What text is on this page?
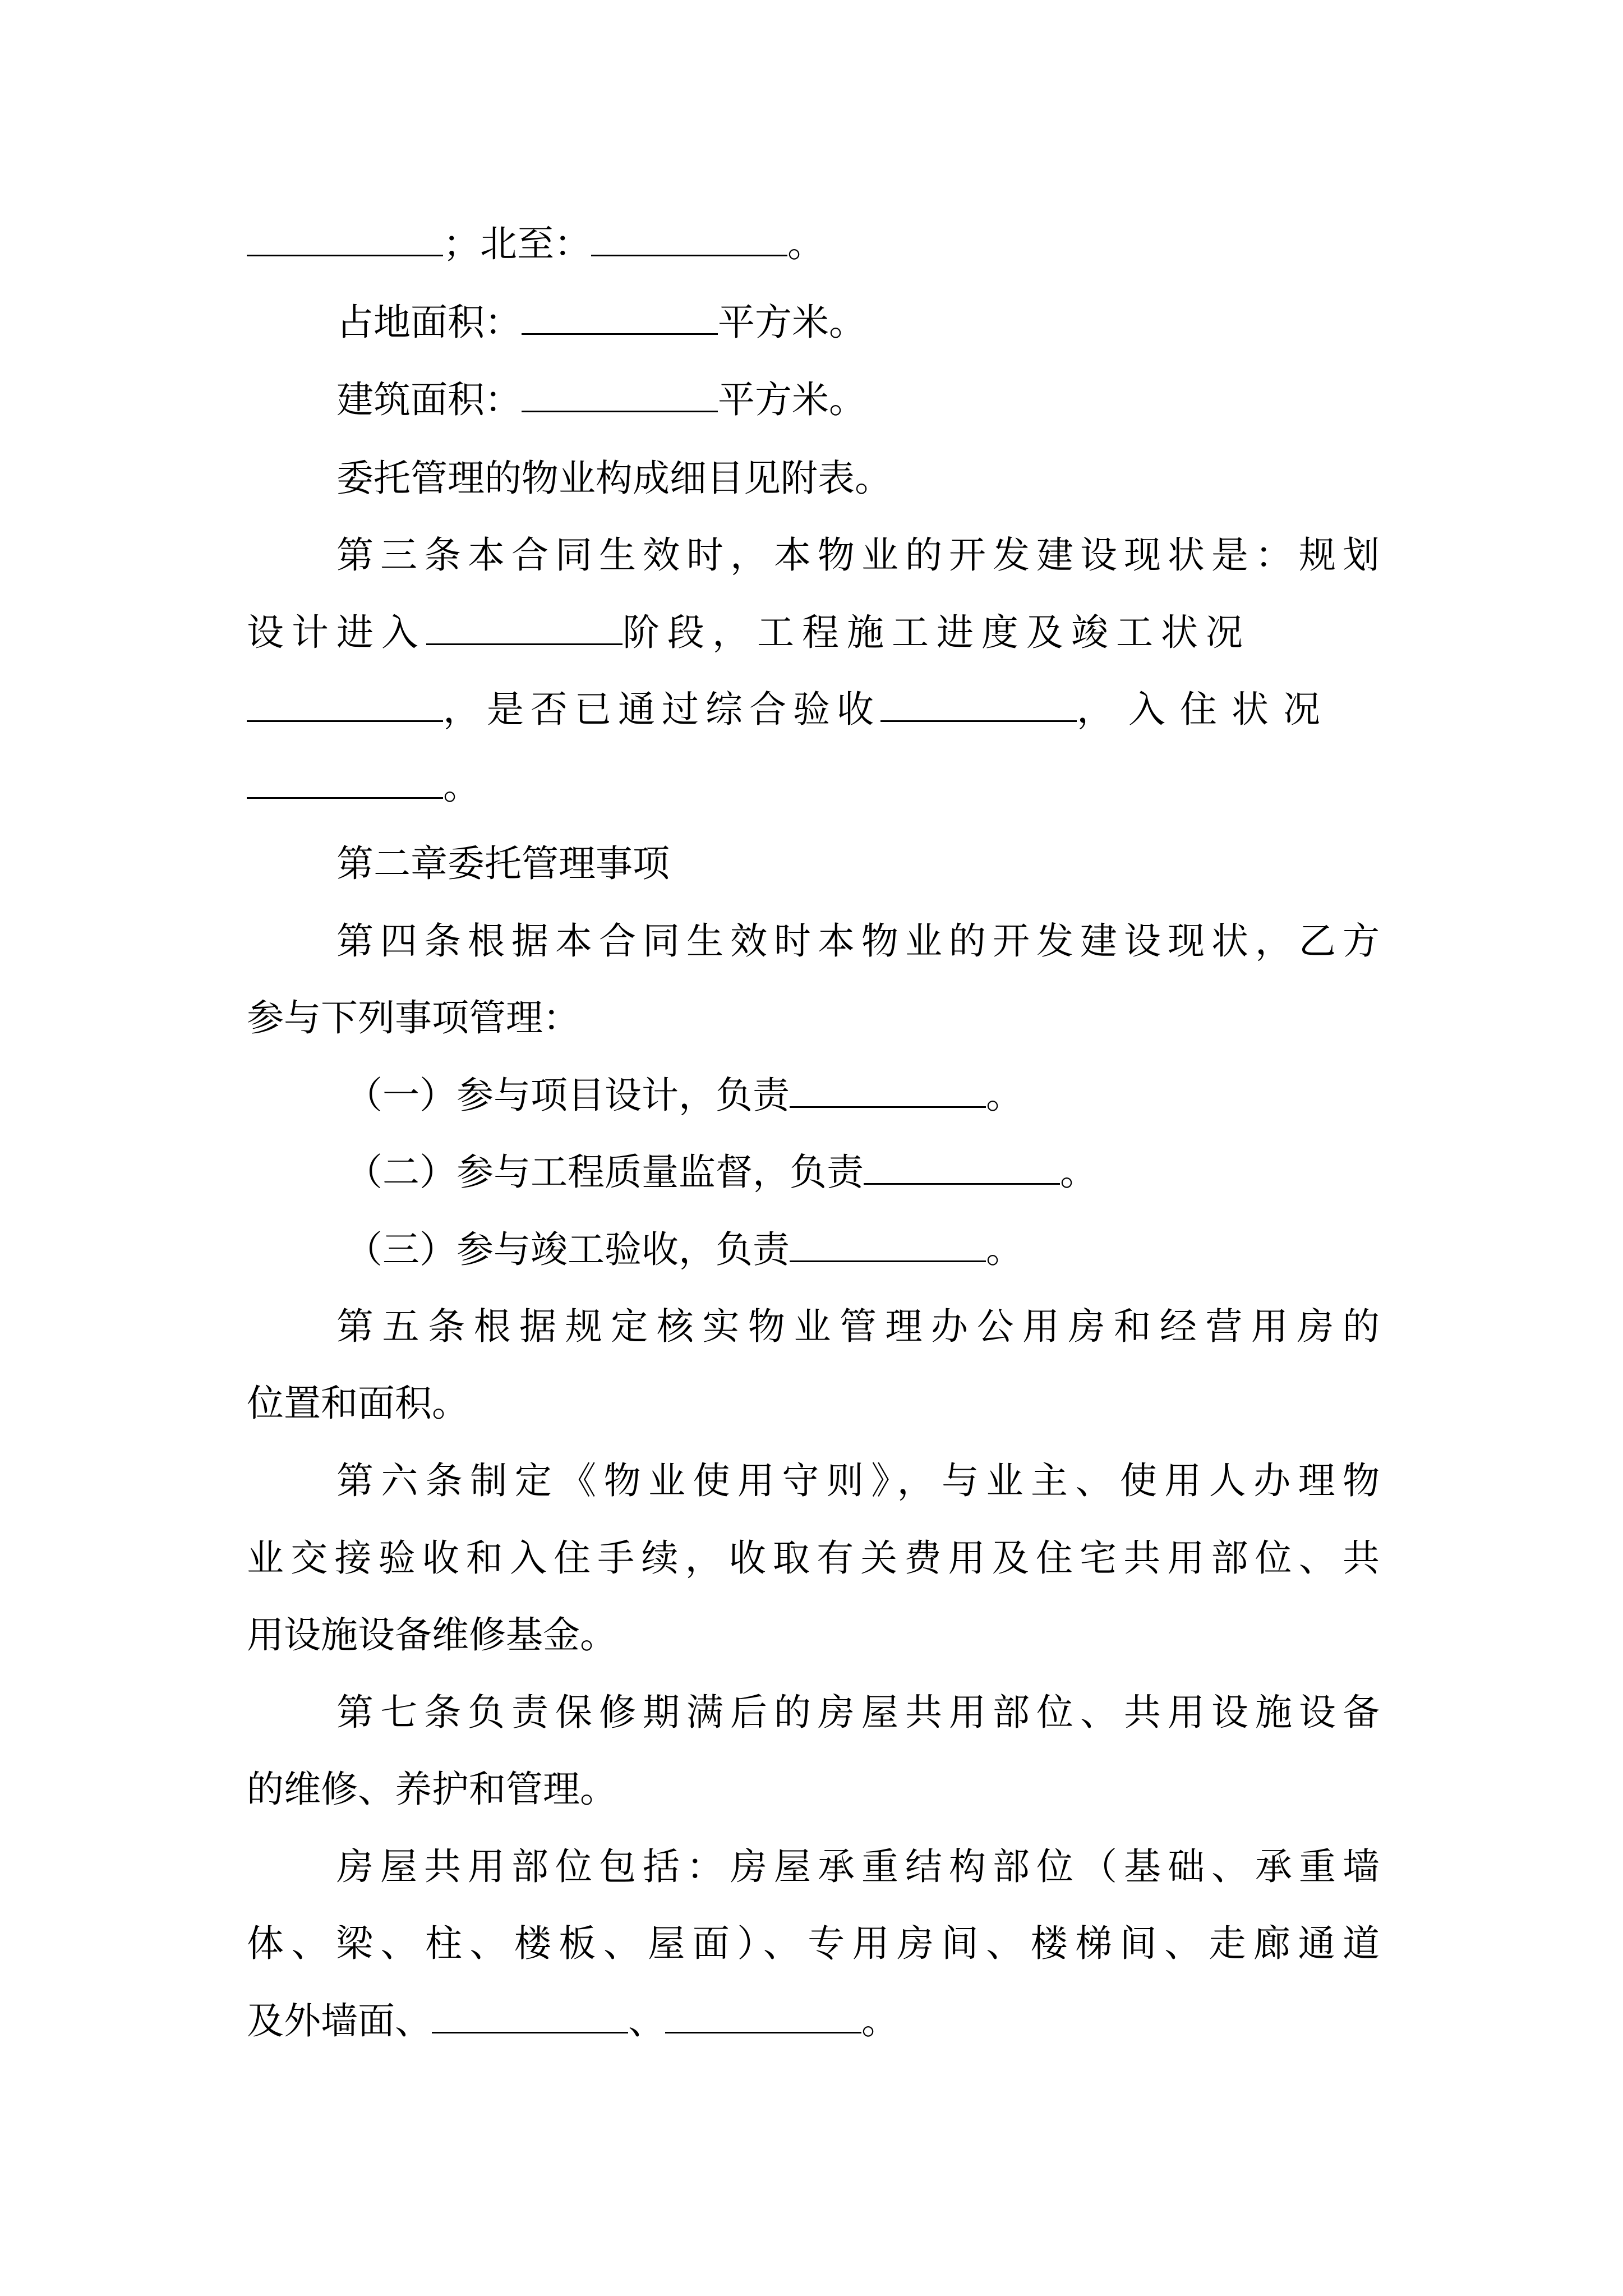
；北至：	。
占地面积：	平方米。
建筑面积：	平方米。
委托管理的物业构成细目见附表。
第三条本合同生效时，本物业的开发建设现状是：规划
设计进入	阶段，工程施工进度及竣工状况
，是否已通过综合验收	，入住状况
。
第二章委托管理事项
第四条根据本合同生效时本物业的开发建设现状，乙方
参与下列事项管理：
（一）参与项目设计，负责	。
（二）参与工程质量监督，负责	。
（三）参与竣工验收，负责	。
第五条根据规定核实物业管理办公用房和经营用房的
位置和面积。
第六条制定《物业使用守则》，与业主、使用人办理物
业交接验收和入住手续，收取有关费用及住宅共用部位、共
用设施设备维修基金。
第七条负责保修期满后的房屋共用部位、共用设施设备
的维修、养护和管理。
房屋共用部位包括：房屋承重结构部位（基础、承重墙
体、梁、柱、楼板、屋面）、专用房间、楼梯间、走廊通道
及外墙面、	、	。
